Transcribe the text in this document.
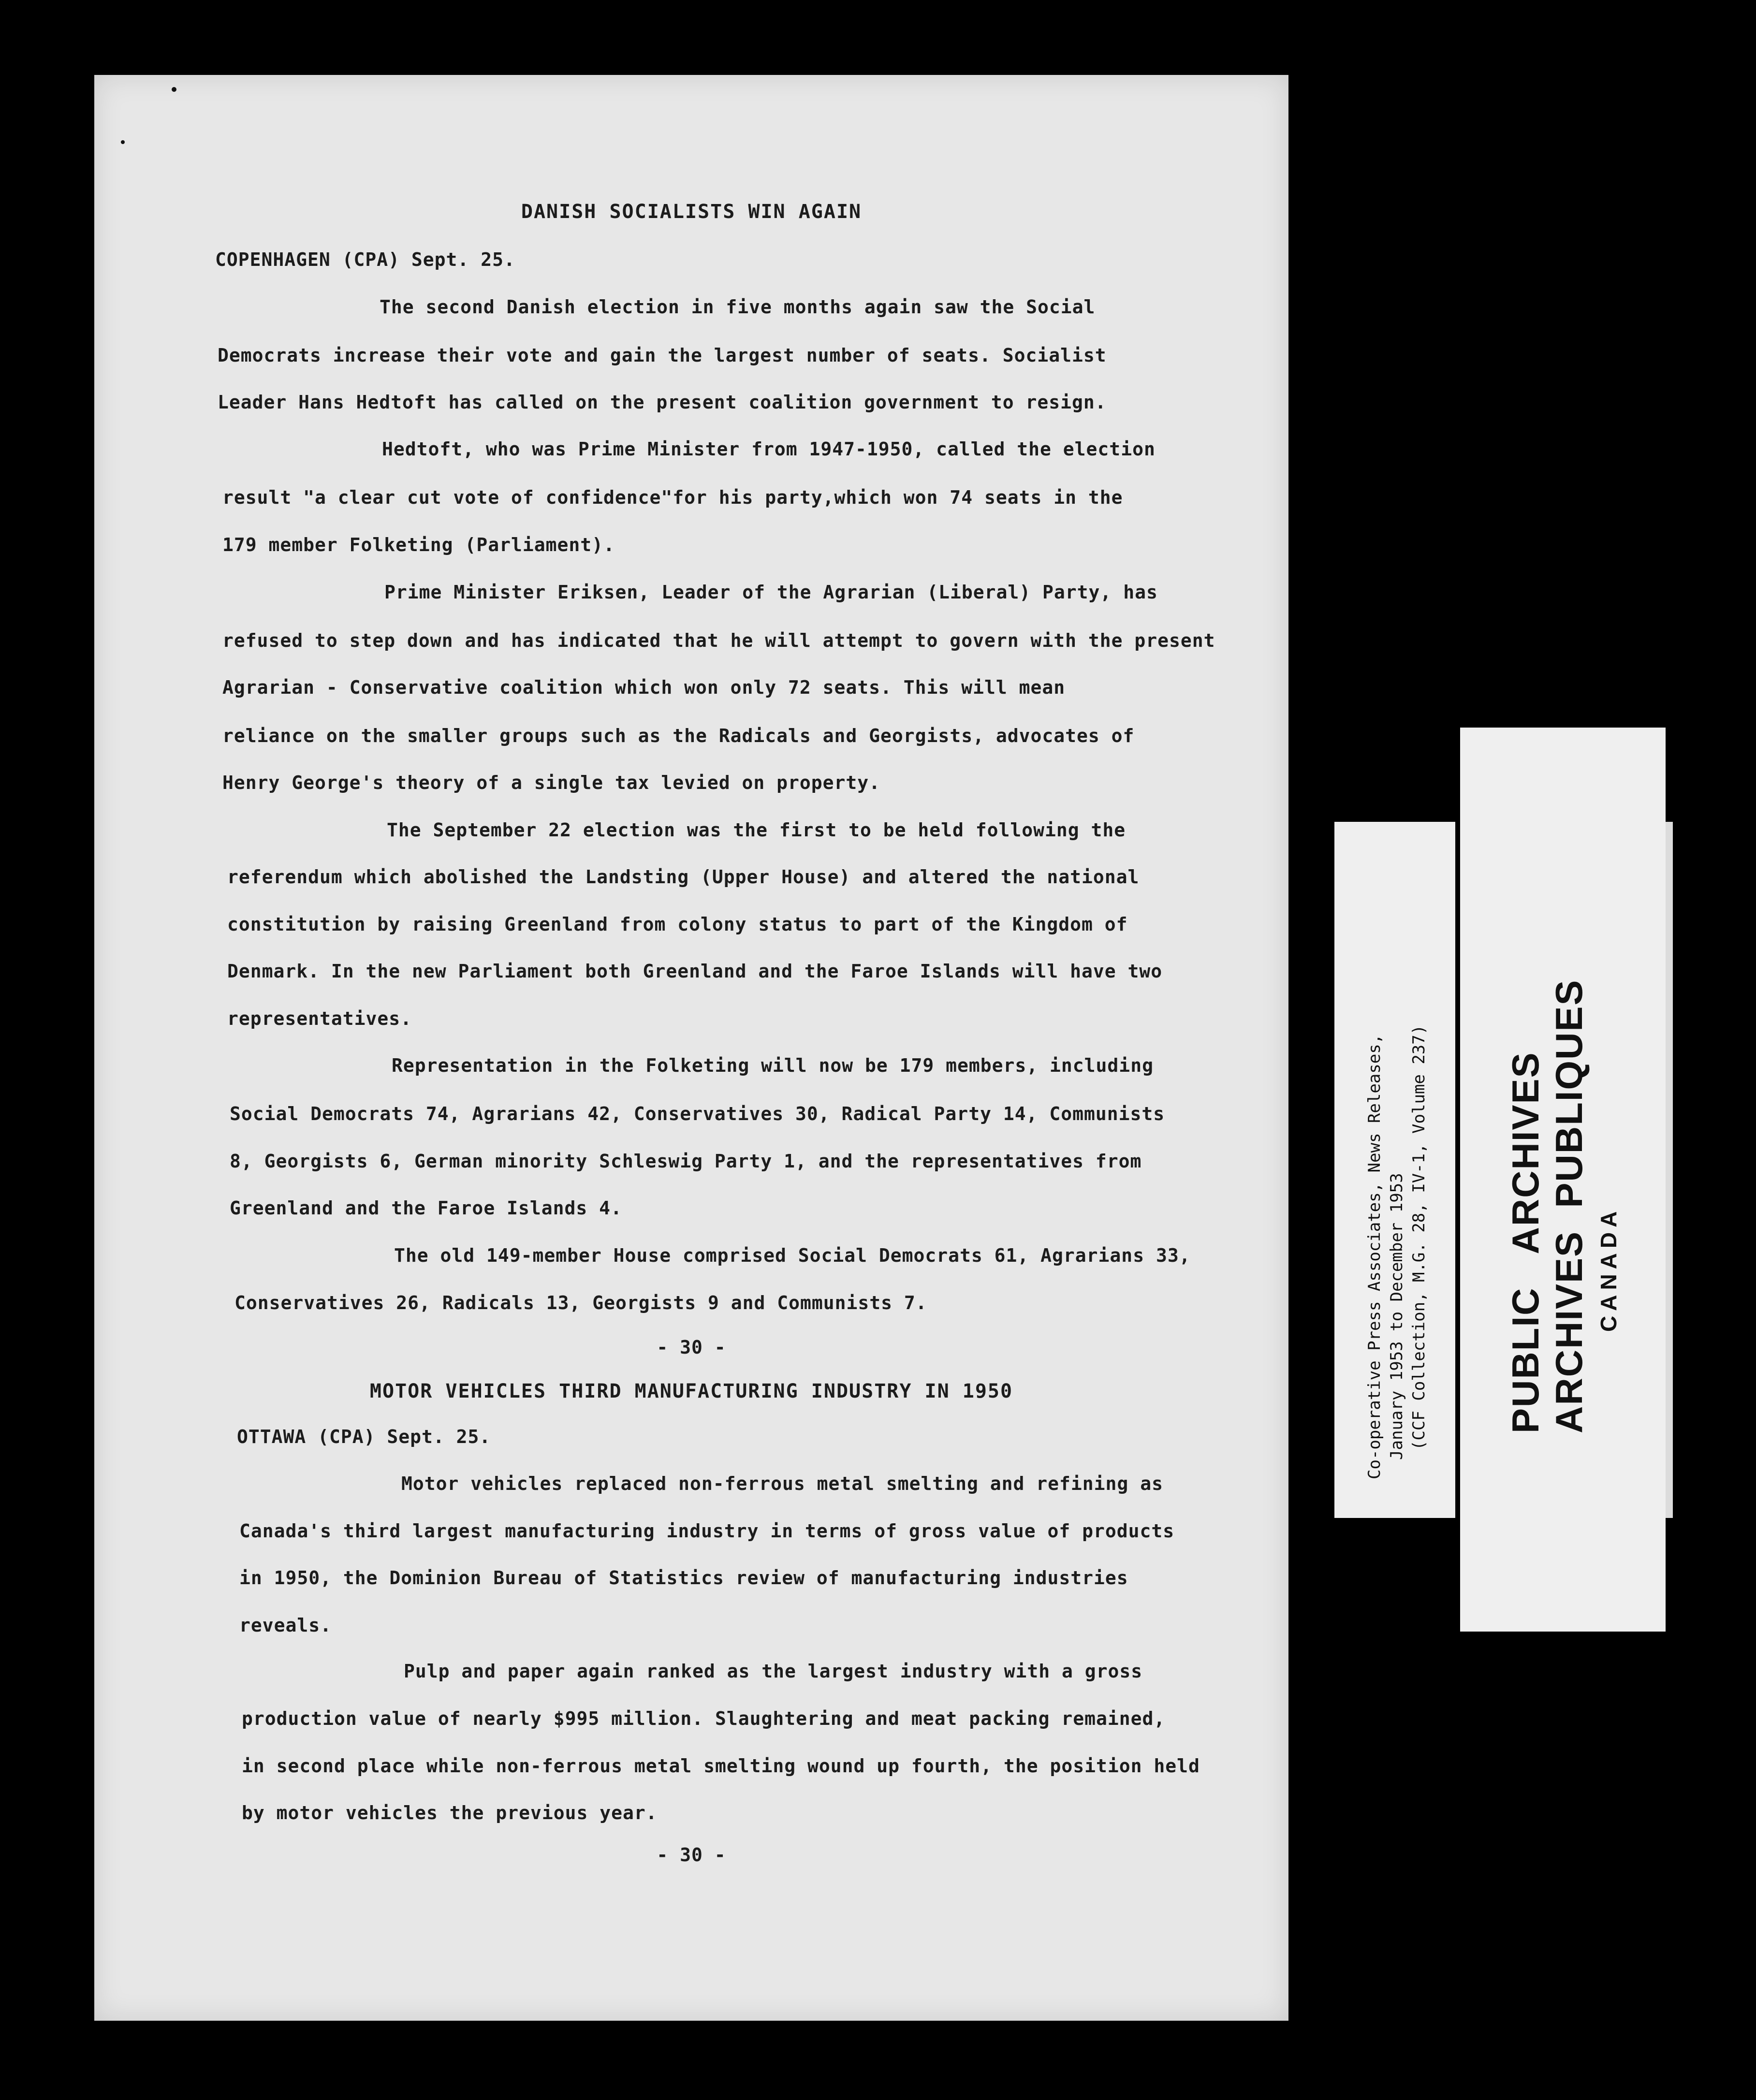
DANISH SOCIALISTS WIN AGAIN
COPENHAGEN (CPA) Sept. 25.
The second Danish election in five months again saw the Social
Democrats increase their vote and gain the largest number of seats. Socialist
Leader Hans Hedtoft has called on the present coalition government to resign.
Hedtoft, who was Prime Minister from 1947-1950, called the election
result "a clear cut vote of confidence"for his party,which won 74 seats in the
179 member Folketing (Parliament).
Prime Minister Eriksen, Leader of the Agrarian (Liberal) Party, has
refused to step down and has indicated that he will attempt to govern with the present
Agrarian - Conservative coalition which won only 72 seats. This will mean
reliance on the smaller groups such as the Radicals and Georgists, advocates of
Henry George's theory of a single tax levied on property.
The September 22 election was the first to be held following the
referendum which abolished the Landsting (Upper House) and altered the national
constitution by raising Greenland from colony status to part of the Kingdom of
Denmark. In the new Parliament both Greenland and the Faroe Islands will have two
representatives.
Representation in the Folketing will now be 179 members, including
Social Democrats 74, Agrarians 42, Conservatives 30, Radical Party 14, Communists
8, Georgists 6, German minority Schleswig Party 1, and the representatives from
Greenland and the Faroe Islands 4.
The old 149-member House comprised Social Democrats 61, Agrarians 33,
Conservatives 26, Radicals 13, Georgists 9 and Communists 7.
- 30 -
MOTOR VEHICLES THIRD MANUFACTURING INDUSTRY IN 1950
OTTAWA (CPA) Sept. 25.
Motor vehicles replaced non-ferrous metal smelting and refining as
Canada's third largest manufacturing industry in terms of gross value of products
in 1950, the Dominion Bureau of Statistics review of manufacturing industries
reveals.
Pulp and paper again ranked as the largest industry with a gross
production value of nearly $995 million. Slaughtering and meat packing remained,
in second place while non-ferrous metal smelting wound up fourth, the position held
by motor vehicles the previous year.
- 30 -
Co-operative Press Associates, News Releases, January 1953 to December 1953 (CCF Collection, M.G. 28, IV-1, Volume 237) PUBLIC   ARCHIVES ARCHIVES  PUBLIQUES CANADA
